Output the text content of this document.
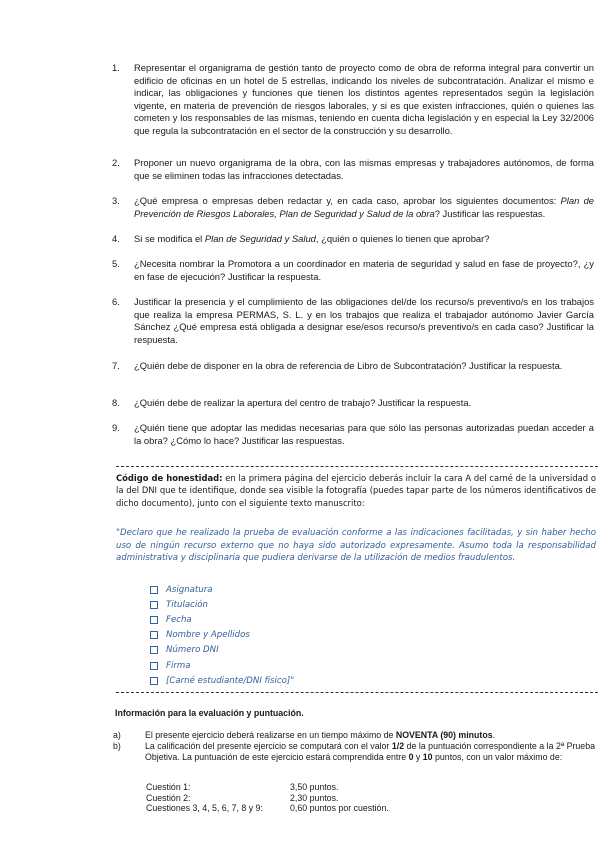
1.	Representar el organigrama de gestión tanto de proyecto como de obra de reforma integral para convertir un edificio de oficinas en un hotel de 5 estrellas, indicando los niveles de subcontratación. Analizar el mismo e indicar, las obligaciones y funciones que tienen los distintos agentes representados según la legislación vigente, en materia de prevención de riesgos laborales, y si es que existen infracciones, quién o quienes las cometen y los responsables de las mismas, teniendo en cuenta dicha legislación y en especial la Ley 32/2006 que regula la subcontratación en el sector de la construcción y su desarrollo.
2.	Proponer un nuevo organigrama de la obra, con las mismas empresas y trabajadores autónomos, de forma que se eliminen todas las infracciones detectadas.
3.	¿Qué empresa o empresas deben redactar y, en cada caso, aprobar los siguientes documentos: Plan de Prevención de Riesgos Laborales, Plan de Seguridad y Salud de la obra? Justificar las respuestas.
4.	Si se modifica el Plan de Seguridad y Salud, ¿quién o quienes lo tienen que aprobar?
5.	¿Necesita nombrar la Promotora a un coordinador en materia de seguridad y salud en fase de proyecto?, ¿y en fase de ejecución? Justificar la respuesta.
6.	Justificar la presencia y el cumplimiento de las obligaciones del/de los recurso/s preventivo/s en los trabajos que realiza la empresa PERMAS, S. L. y en los trabajos que realiza el trabajador autónomo Javier García Sánchez ¿Qué empresa está obligada a designar ese/esos recurso/s preventivo/s en cada caso? Justificar la respuesta.
7.	¿Quién debe de disponer en la obra de referencia de Libro de Subcontratación? Justificar la respuesta.
8.	¿Quién debe de realizar la apertura del centro de trabajo? Justificar la respuesta.
9.	¿Quién tiene que adoptar las medidas necesarias para que sólo las personas autorizadas puedan acceder a la obra? ¿Cómo lo hace? Justificar las respuestas.
Código de honestidad: en la primera página del ejercicio deberás incluir la cara A del carné de la universidad o la del DNI que te identifique, donde sea visible la fotografía (puedes tapar parte de los números identificativos de dicho documento), junto con el siguiente texto manuscrito:
"Declaro que he realizado la prueba de evaluación conforme a las indicaciones facilitadas, y sin haber hecho uso de ningún recurso externo que no haya sido autorizado expresamente. Asumo toda la responsabilidad administrativa y disciplinaria que pudiera derivarse de la utilización de medios fraudulentos.
Asignatura
Titulación
Fecha
Nombre y Apellidos
Número DNI
Firma
[Carné estudiante/DNI físico]"
Información para la evaluación y puntuación.
a)	El presente ejercicio deberá realizarse en un tiempo máximo de NOVENTA (90) minutos.
b)	La calificación del presente ejercicio se computará con el valor 1/2 de la puntuación correspondiente a la 2ª Prueba Objetiva. La puntuación de este ejercicio estará comprendida entre 0 y 10 puntos, con un valor máximo de:
Cuestión 1:	3,50 puntos.
Cuestión 2:	2,30 puntos.
Cuestiones 3, 4, 5, 6, 7, 8 y 9:	0,60 puntos por cuestión.
